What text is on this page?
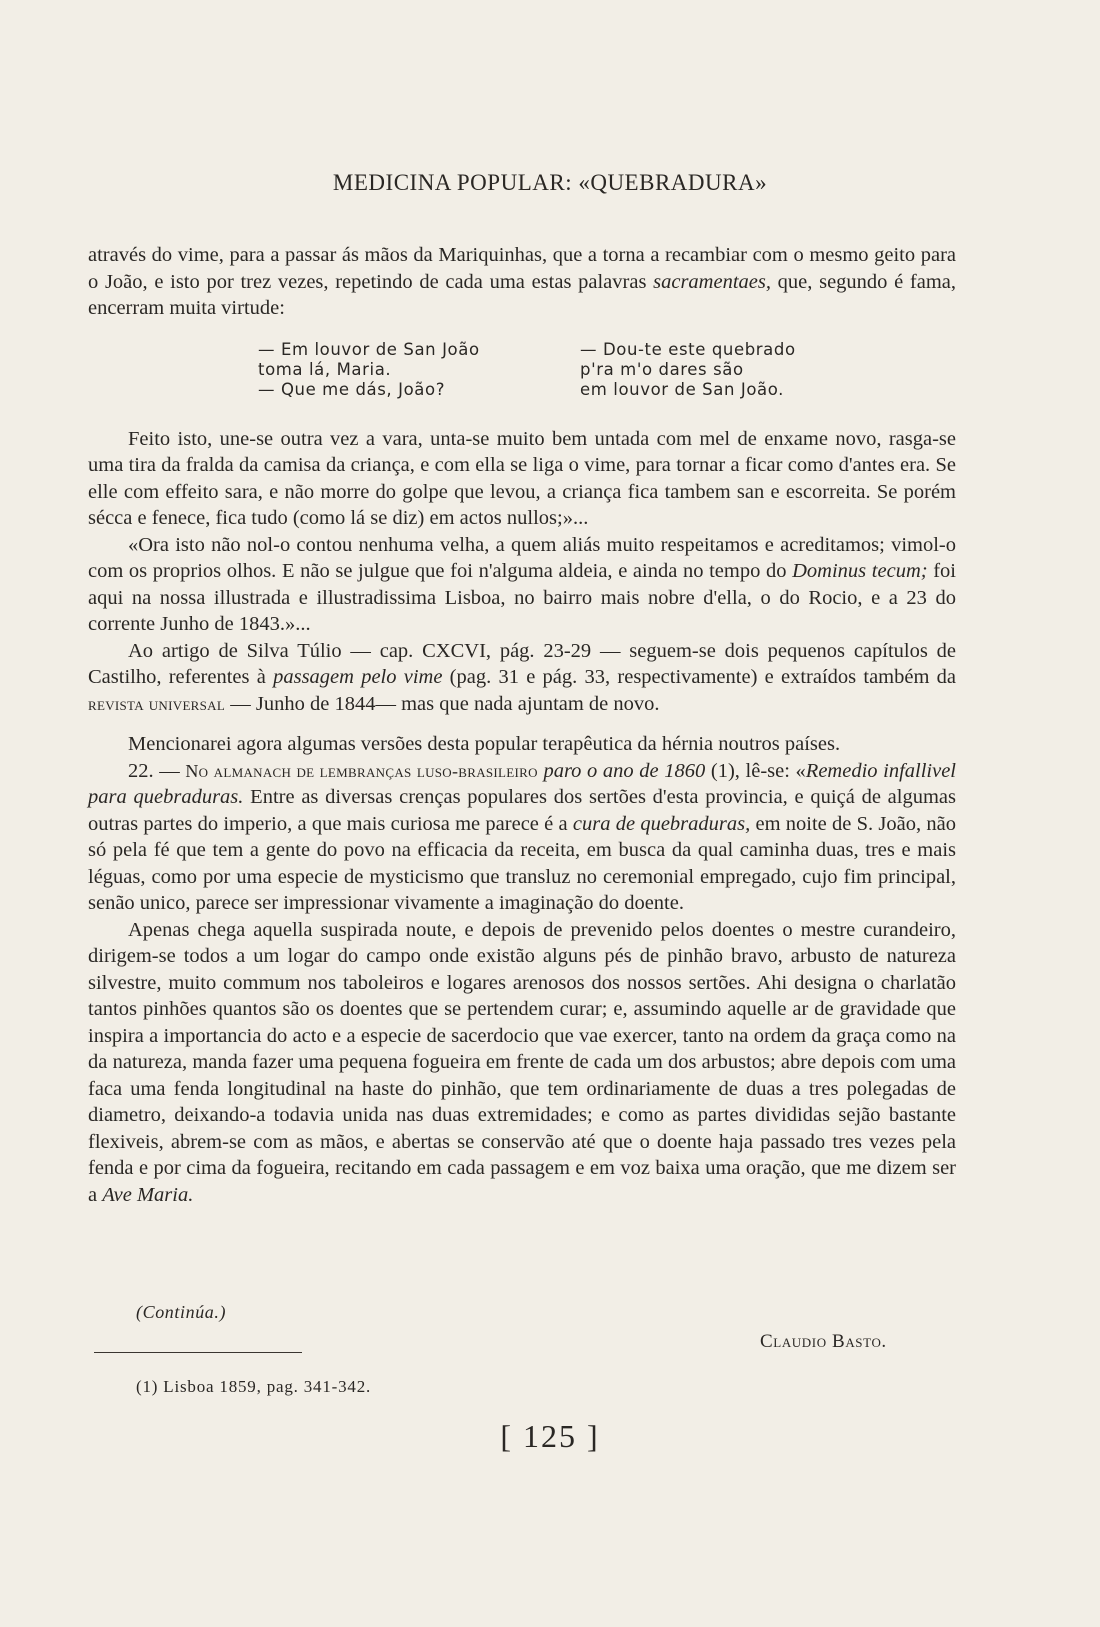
MEDICINA POPULAR: «QUEBRADURA»
— Em louvor de San João
toma lá, Maria.
— Que me dás, João?
— Dou-te este quebrado
p'ra m'o dares são
em louvor de San João.

através do vime, para a passar ás mãos da Mariquinhas, que a torna a recambiar com o mesmo geito para o João, e isto por trez vezes, repetindo de cada uma estas palavras sacramentaes, que, segundo é fama, encerram muita virtude:

Feito isto, une-se outra vez a vara, unta-se muito bem untada com mel de enxame novo, rasga-se uma tira da fralda da camisa da criança, e com ella se liga o vime, para tornar a ficar como d'antes era. Se elle com effeito sara, e não morre do golpe que levou, a criança fica tambem san e escorreita. Se porém sécca e fenece, fica tudo (como lá se diz) em actos nullos;»...

«Ora isto não nol-o contou nenhuma velha, a quem aliás muito respeitamos e acreditamos; vimol-o com os proprios olhos. E não se julgue que foi n'alguma aldeia, e ainda no tempo do Dominus tecum; foi aqui na nossa illustrada e illustradissima Lisboa, no bairro mais nobre d'ella, o do Rocio, e a 23 do corrente Junho de 1843.»...

Ao artigo de Silva Túlio — cap. CXCVI, pág. 23-29 — seguem-se dois pequenos capítulos de Castilho, referentes à passagem pelo vime (pag. 31 e pág. 33, respectivamente) e extraídos também da revista universal — Junho de 1844— mas que nada ajuntam de novo.

Mencionarei agora algumas versões desta popular terapêutica da hérnia noutros países.

22. — No almanach de lembranças luso-brasileiro paro o ano de 1860 (1), lê-se: «Remedio infallivel para quebraduras. Entre as diversas crenças populares dos sertões d'esta provincia, e quiçá de algumas outras partes do imperio, a que mais curiosa me parece é a cura de quebraduras, em noite de S. João, não só pela fé que tem a gente do povo na efficacia da receita, em busca da qual caminha duas, tres e mais léguas, como por uma especie de mysticismo que transluz no ceremonial empregado, cujo fim principal, senão unico, parece ser impressionar vivamente a imaginação do doente.

Apenas chega aquella suspirada noute, e depois de prevenido pelos doentes o mestre curandeiro, dirigem-se todos a um logar do campo onde existão alguns pés de pinhão bravo, arbusto de natureza silvestre, muito commum nos taboleiros e logares arenosos dos nossos sertões. Ahi designa o charlatão tantos pinhões quantos são os doentes que se pertendem curar; e, assumindo aquelle ar de gravidade que inspira a importancia do acto e a especie de sacerdocio que vae exercer, tanto na ordem da graça como na da natureza, manda fazer uma pequena fogueira em frente de cada um dos arbustos; abre depois com uma faca uma fenda longitudinal na haste do pinhão, que tem ordinariamente de duas a tres polegadas de diametro, deixando-a todavia unida nas duas extremidades; e como as partes divididas sejão bastante flexiveis, abrem-se com as mãos, e abertas se conservão até que o doente haja passado tres vezes pela fenda e por cima da fogueira, recitando em cada passagem e em voz baixa uma oração, que me dizem ser a Ave Maria.

(Continúa.)
Claudio Basto.
(1) Lisboa 1859, pag. 341-342.
[ 125 ]
